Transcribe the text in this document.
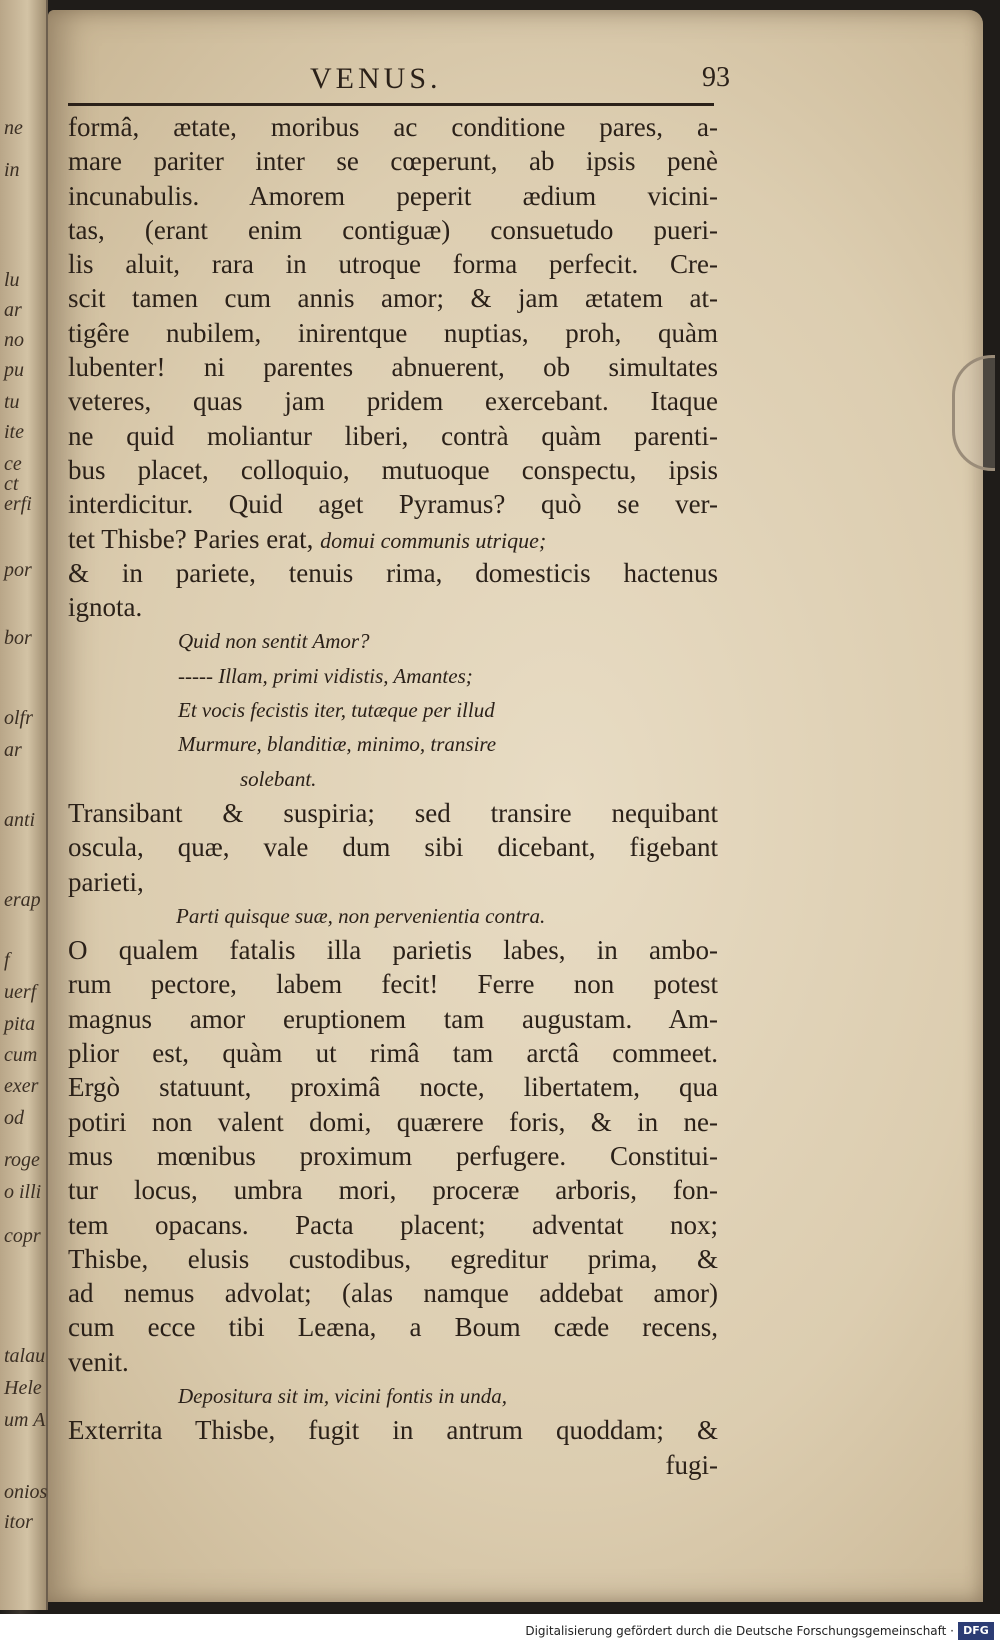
ne
in
lu
ar
no
pu
tu
ite
ce
ct
erfi
por
bor
olfr
ar
anti
erap
f
uerf
pita
cum
exer
od
roge
o illi
copr
talau
Hele
um A
onios
itor
VENUS.	93
formâ, ætate, moribus ac conditione pares, a-
mare pariter inter se cœperunt, ab ipsis penè
incunabulis. Amorem peperit ædium vicini-
tas, (erant enim contiguæ) consuetudo pueri-
lis aluit, rara in utroque forma perfecit. Cre-
scit tamen cum annis amor; & jam ætatem at-
tigêre nubilem, inirentque nuptias, proh, quàm
lubenter! ni parentes abnuerent, ob simultates
veteres, quas jam pridem exercebant. Itaque
ne quid moliantur liberi, contrà quàm parenti-
bus placet, colloquio, mutuoque conspectu, ipsis
interdicitur. Quid aget Pyramus? quò se ver-
tet Thisbe? Paries erat, domui communis utrique;
& in pariete, tenuis rima, domesticis hactenus
ignota.
Quid non sentit Amor?
----- Illam, primi vidistis, Amantes;
Et vocis fecistis iter, tutæque per illud
Murmure, blanditiæ, minimo, transire
solebant.
Transibant & suspiria; sed transire nequibant
oscula, quæ, vale dum sibi dicebant, figebant
parieti,
Parti quisque suæ, non pervenientia contra.
O qualem fatalis illa parietis labes, in ambo-
rum pectore, labem fecit! Ferre non potest
magnus amor eruptionem tam augustam. Am-
plior est, quàm ut rimâ tam arctâ commeet.
Ergò statuunt, proximâ nocte, libertatem, qua
potiri non valent domi, quærere foris, & in ne-
mus mœnibus proximum perfugere. Constitui-
tur locus, umbra mori, proceræ arboris, fon-
tem opacans. Pacta placent; adventat nox;
Thisbe, elusis custodibus, egreditur prima, &
ad nemus advolat; (alas namque addebat amor)
cum ecce tibi Leæna, a Boum cæde recens,
venit.
Depositura sit im, vicini fontis in unda,
Exterrita Thisbe, fugit in antrum quoddam; &
fugi-
Digitalisierung gefördert durch die Deutsche Forschungsgemeinschaft · DFG
